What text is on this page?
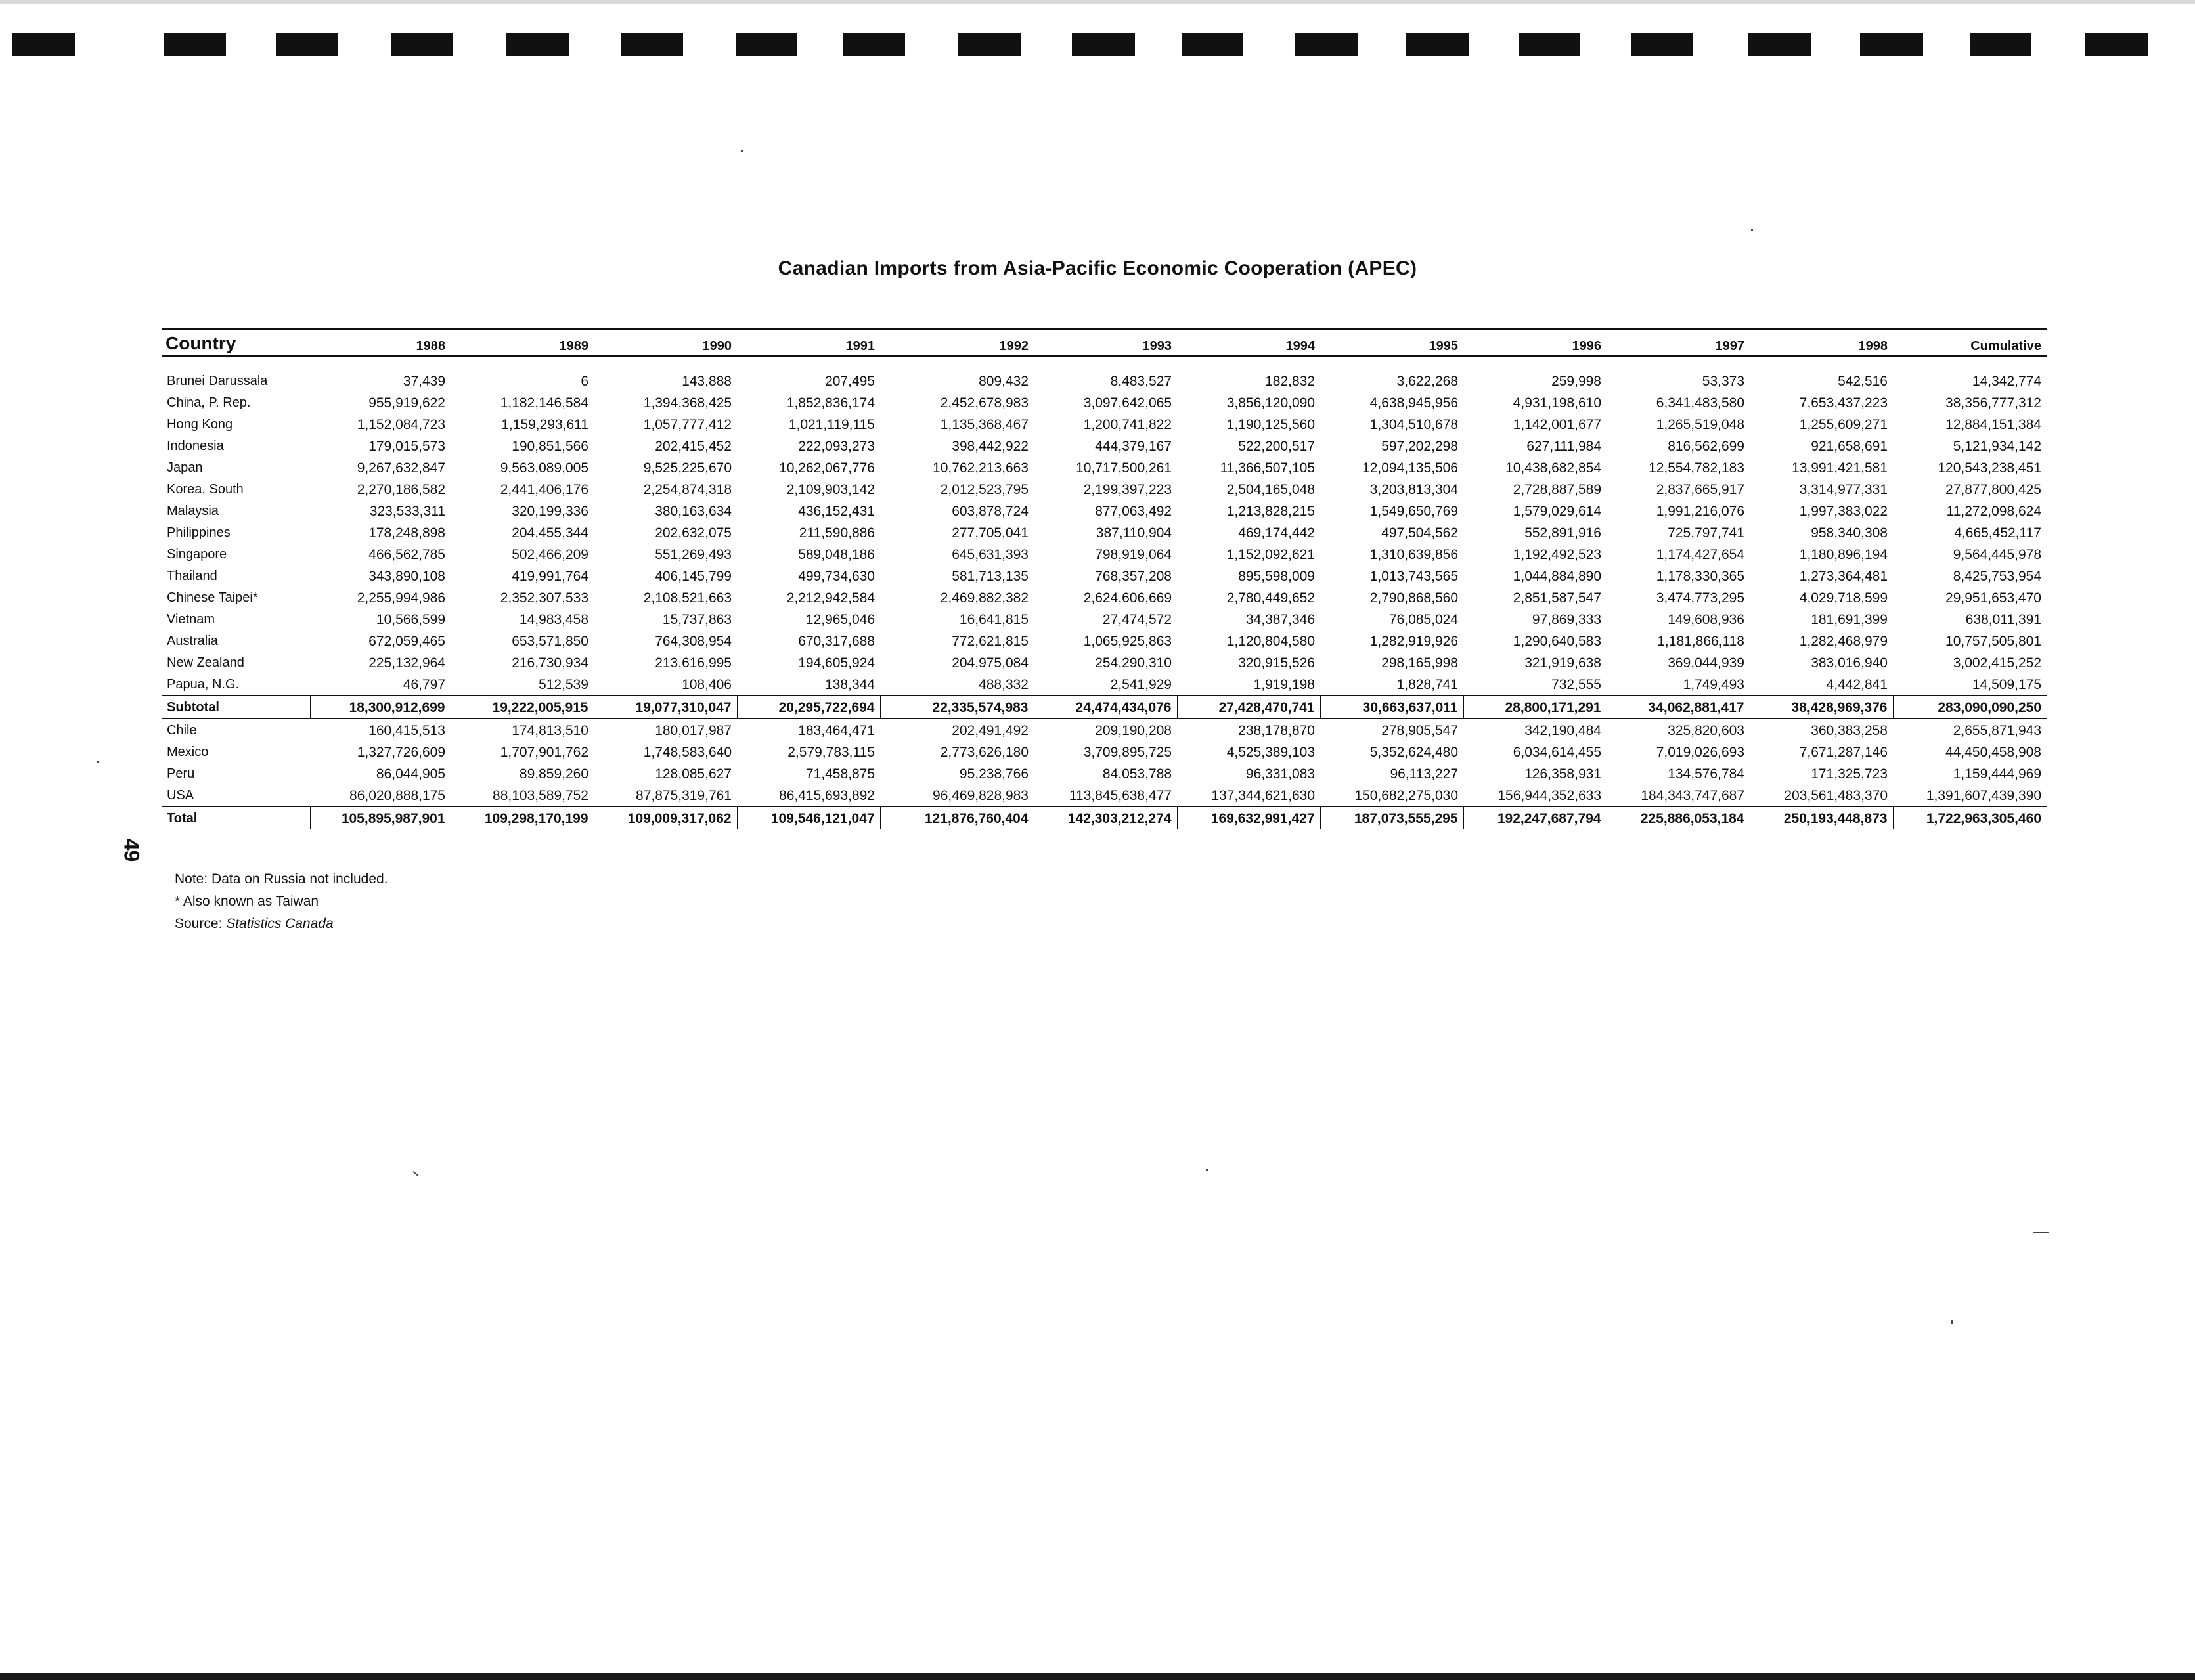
Canadian Imports from Asia-Pacific Economic Cooperation (APEC)
Country	1988	1989	1990	1991	1992	1993	1994	1995	1996	1997	1998	Cumulative

Brunei Darussala	37,439	6	143,888	207,495	809,432	8,483,527	182,832	3,622,268	259,998	53,373	542,516	14,342,774
China, P. Rep.	955,919,622	1,182,146,584	1,394,368,425	1,852,836,174	2,452,678,983	3,097,642,065	3,856,120,090	4,638,945,956	4,931,198,610	6,341,483,580	7,653,437,223	38,356,777,312
Hong Kong	1,152,084,723	1,159,293,611	1,057,777,412	1,021,119,115	1,135,368,467	1,200,741,822	1,190,125,560	1,304,510,678	1,142,001,677	1,265,519,048	1,255,609,271	12,884,151,384
Indonesia	179,015,573	190,851,566	202,415,452	222,093,273	398,442,922	444,379,167	522,200,517	597,202,298	627,111,984	816,562,699	921,658,691	5,121,934,142
Japan	9,267,632,847	9,563,089,005	9,525,225,670	10,262,067,776	10,762,213,663	10,717,500,261	11,366,507,105	12,094,135,506	10,438,682,854	12,554,782,183	13,991,421,581	120,543,238,451
Korea, South	2,270,186,582	2,441,406,176	2,254,874,318	2,109,903,142	2,012,523,795	2,199,397,223	2,504,165,048	3,203,813,304	2,728,887,589	2,837,665,917	3,314,977,331	27,877,800,425
Malaysia	323,533,311	320,199,336	380,163,634	436,152,431	603,878,724	877,063,492	1,213,828,215	1,549,650,769	1,579,029,614	1,991,216,076	1,997,383,022	11,272,098,624
Philippines	178,248,898	204,455,344	202,632,075	211,590,886	277,705,041	387,110,904	469,174,442	497,504,562	552,891,916	725,797,741	958,340,308	4,665,452,117
Singapore	466,562,785	502,466,209	551,269,493	589,048,186	645,631,393	798,919,064	1,152,092,621	1,310,639,856	1,192,492,523	1,174,427,654	1,180,896,194	9,564,445,978
Thailand	343,890,108	419,991,764	406,145,799	499,734,630	581,713,135	768,357,208	895,598,009	1,013,743,565	1,044,884,890	1,178,330,365	1,273,364,481	8,425,753,954
Chinese Taipei*	2,255,994,986	2,352,307,533	2,108,521,663	2,212,942,584	2,469,882,382	2,624,606,669	2,780,449,652	2,790,868,560	2,851,587,547	3,474,773,295	4,029,718,599	29,951,653,470
Vietnam	10,566,599	14,983,458	15,737,863	12,965,046	16,641,815	27,474,572	34,387,346	76,085,024	97,869,333	149,608,936	181,691,399	638,011,391
Australia	672,059,465	653,571,850	764,308,954	670,317,688	772,621,815	1,065,925,863	1,120,804,580	1,282,919,926	1,290,640,583	1,181,866,118	1,282,468,979	10,757,505,801
New Zealand	225,132,964	216,730,934	213,616,995	194,605,924	204,975,084	254,290,310	320,915,526	298,165,998	321,919,638	369,044,939	383,016,940	3,002,415,252
Papua, N.G.	46,797	512,539	108,406	138,344	488,332	2,541,929	1,919,198	1,828,741	732,555	1,749,493	4,442,841	14,509,175
Subtotal	18,300,912,699	19,222,005,915	19,077,310,047	20,295,722,694	22,335,574,983	24,474,434,076	27,428,470,741	30,663,637,011	28,800,171,291	34,062,881,417	38,428,969,376	283,090,090,250
Chile	160,415,513	174,813,510	180,017,987	183,464,471	202,491,492	209,190,208	238,178,870	278,905,547	342,190,484	325,820,603	360,383,258	2,655,871,943
Mexico	1,327,726,609	1,707,901,762	1,748,583,640	2,579,783,115	2,773,626,180	3,709,895,725	4,525,389,103	5,352,624,480	6,034,614,455	7,019,026,693	7,671,287,146	44,450,458,908
Peru	86,044,905	89,859,260	128,085,627	71,458,875	95,238,766	84,053,788	96,331,083	96,113,227	126,358,931	134,576,784	171,325,723	1,159,444,969
USA	86,020,888,175	88,103,589,752	87,875,319,761	86,415,693,892	96,469,828,983	113,845,638,477	137,344,621,630	150,682,275,030	156,944,352,633	184,343,747,687	203,561,483,370	1,391,607,439,390
Total	105,895,987,901	109,298,170,199	109,009,317,062	109,546,121,047	121,876,760,404	142,303,212,274	169,632,991,427	187,073,555,295	192,247,687,794	225,886,053,184	250,193,448,873	1,722,963,305,460
Note: Data on Russia not included.
* Also known as Taiwan
Source: Statistics Canada
49
